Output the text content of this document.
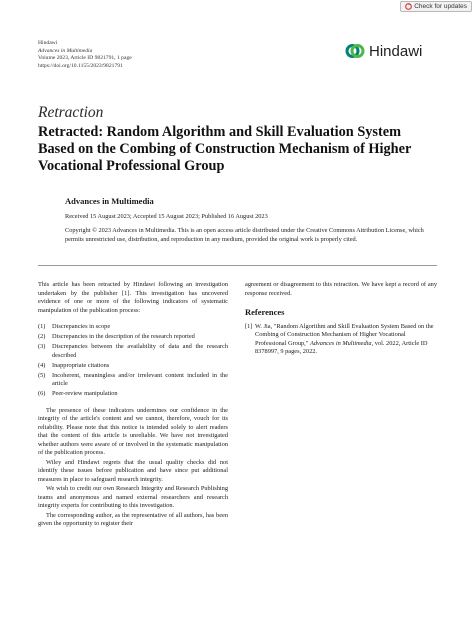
Check for updates
Hindawi
Advances in Multimedia
Volume 2023, Article ID 9821791, 1 page
https://doi.org/10.1155/2023/9821791
Hindawi
Retraction
Retracted: Random Algorithm and Skill Evaluation System Based on the Combing of Construction Mechanism of Higher Vocational Professional Group
Advances in Multimedia
Received 15 August 2023; Accepted 15 August 2023; Published 16 August 2023
Copyright © 2023 Advances in Multimedia. This is an open access article distributed under the Creative Commons Attribution License, which permits unrestricted use, distribution, and reproduction in any medium, provided the original work is properly cited.

This article has been retracted by Hindawi following an investigation undertaken by the publisher [1]. This investigation has uncovered evidence of one or more of the following indicators of systematic manipulation of the publication process:

(1)	Discrepancies in scope
(2)	Discrepancies in the description of the research reported
(3)	Discrepancies between the availability of data and the research described
(4)	Inappropriate citations
(5)	Incoherent, meaningless and/or irrelevant content included in the article
(6)	Peer-review manipulation

The presence of these indicators undermines our confidence in the integrity of the article's content and we cannot, therefore, vouch for its reliability. Please note that this notice is intended solely to alert readers that the content of this article is unreliable. We have not investigated whether authors were aware of or involved in the systematic manipulation of the publication process.

Wiley and Hindawi regrets that the usual quality checks did not identify these issues before publication and have since put additional measures in place to safeguard research integrity.

We wish to credit our own Research Integrity and Research Publishing teams and anonymous and named external researchers and research integrity experts for contributing to this investigation.

The corresponding author, as the representative of all authors, has been given the opportunity to register their

agreement or disagreement to this retraction. We have kept a record of any response received.

References
[1] W. Jia, "Random Algorithm and Skill Evaluation System Based on the Combing of Construction Mechanism of Higher Vocational Professional Group," Advances in Multimedia, vol. 2022, Article ID 8378997, 9 pages, 2022.
